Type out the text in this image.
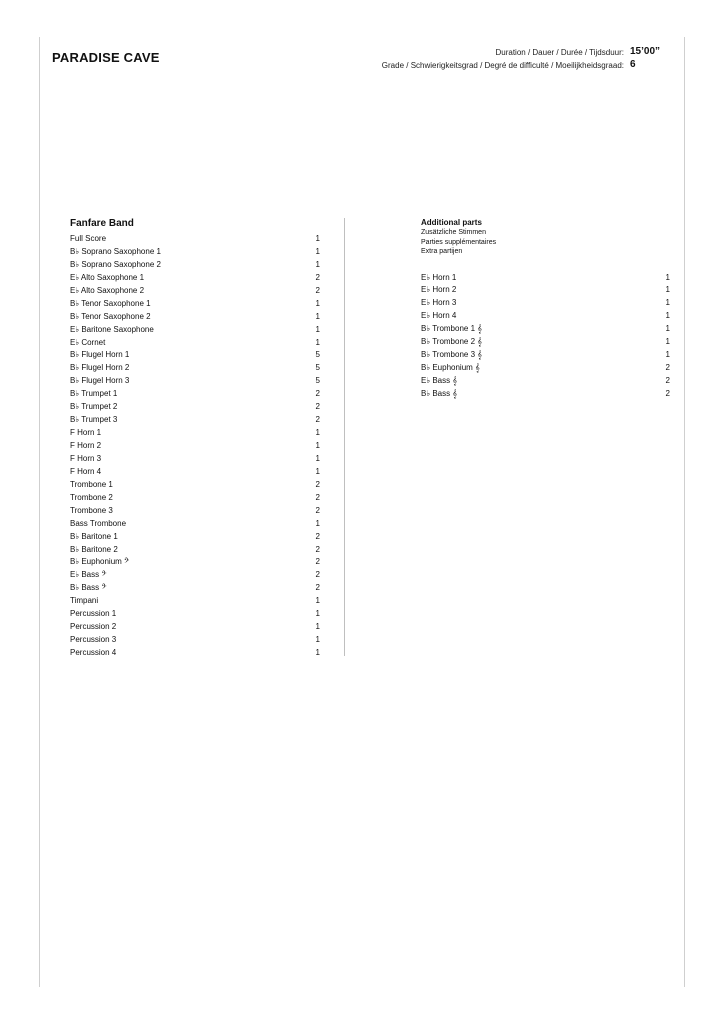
PARADISE CAVE	Duration / Dauer / Durée / Tijdsduur: 15’00”
Grade / Schwierigkeitsgrad / Degré de difficulté / Moeilijkheidsgraad: 6
Fanfare Band
Full Score	1
B♭ Soprano Saxophone 1	1
B♭ Soprano Saxophone 2	1
E♭ Alto Saxophone 1	2
E♭ Alto Saxophone 2	2
B♭ Tenor Saxophone 1	1
B♭ Tenor Saxophone 2	1
E♭ Baritone Saxophone	1
E♭ Cornet	1
B♭ Flugel Horn 1	5
B♭ Flugel Horn 2	5
B♭ Flugel Horn 3	5
B♭ Trumpet 1	2
B♭ Trumpet 2	2
B♭ Trumpet 3	2
F Horn 1	1
F Horn 2	1
F Horn 3	1
F Horn 4	1
Trombone 1	2
Trombone 2	2
Trombone 3	2
Bass Trombone	1
B♭ Baritone 1	2
B♭ Baritone 2	2
B♭ Euphonium 𝄢	2
E♭ Bass 𝄢	2
B♭ Bass 𝄢	2
Timpani	1
Percussion 1	1
Percussion 2	1
Percussion 3	1
Percussion 4	1
Additional parts
Zusätzliche Stimmen
Parties supplémentaires
Extra partijen
E♭ Horn 1	1
E♭ Horn 2	1
E♭ Horn 3	1
E♭ Horn 4	1
B♭ Trombone 1 𝄞	1
B♭ Trombone 2 𝄞	1
B♭ Trombone 3 𝄞	1
B♭ Euphonium 𝄞	2
E♭ Bass 𝄞	2
B♭ Bass 𝄞	2
